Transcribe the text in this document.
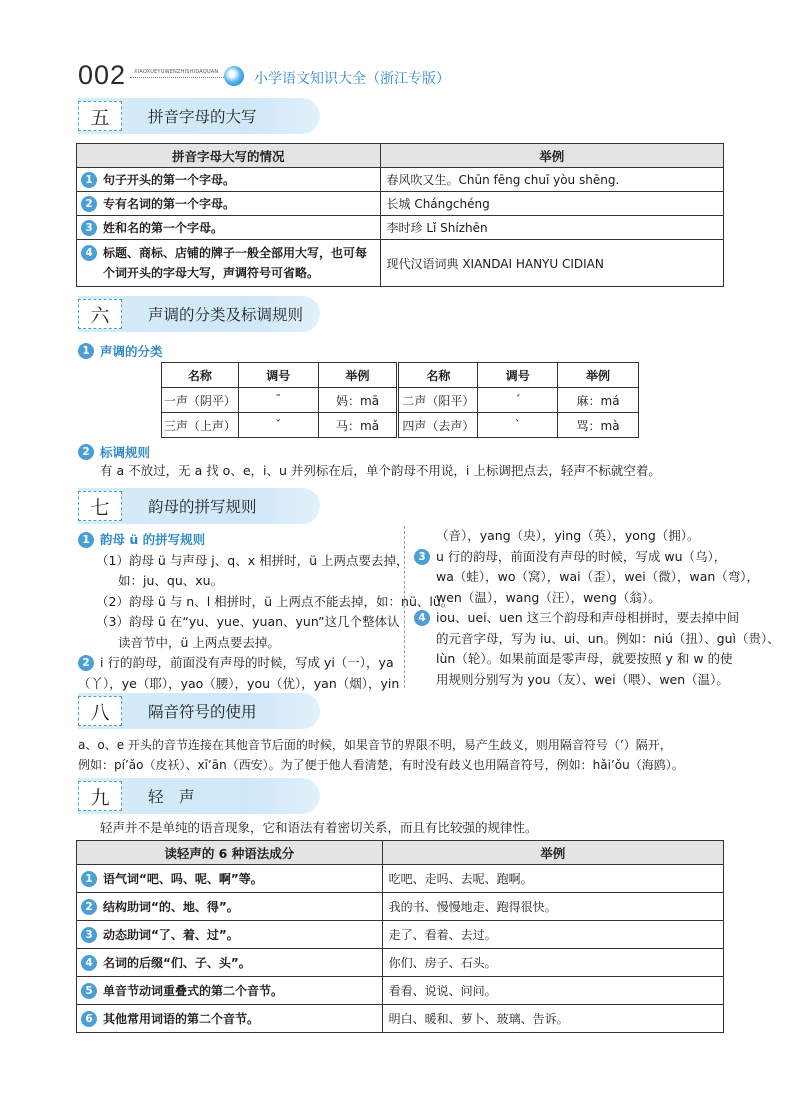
002 XIAOXUEYUWENZHISHIDAQUAN	小学语文知识大全（浙江专版）
五	拼音字母的大写
拼音字母大写的情况	举例

1 句子开头的第一个字母。	春风吹又生。Chūn fēng chuī yòu shēng.

2 专有名词的第一个字母。	长城 Chángchéng

3 姓和名的第一个字母。	李时珍 Lǐ Shízhēn

4 标题、商标、店铺的牌子一般全部用大写，也可每
个词开头的字母大写，声调符号可省略。	现代汉语词典 XIANDAI HANYU CIDIAN
六	声调的分类及标调规则
1 声调的分类
名称	调号	举例	名称	调号	举例
一声（阴平）	ˉ	妈：mā	二声（阳平）	ˊ	麻：má
三声（上声）	ˇ	马：mǎ	四声（去声）	ˋ	骂：mà
2 标调规则
有 a 不放过，无 a 找 o、e，i、u 并列标在后，单个韵母不用说，i 上标调把点去，轻声不标就空着。
七	韵母的拼写规则
1 韵母 ü 的拼写规则
（1）韵母 ü 与声母 j、q、x 相拼时，ü 上两点要去掉，
如：ju、qu、xu。
（2）韵母 ü 与 n、l 相拼时，ü 上两点不能去掉，如：nü、lü。
（3）韵母 ü 在“yu、yue、yuan、yun”这几个整体认
读音节中，ü 上两点要去掉。
2 i 行的韵母，前面没有声母的时候，写成 yi（一），ya
（丫），ye（耶），yao（腰），you（优），yan（烟），yin
（音），yang（央），ying（英），yong（拥）。
3 u 行的韵母，前面没有声母的时候，写成 wu（乌），
wa（蛙），wo（窝），wai（歪），wei（微），wan（弯），
wen（温），wang（汪），weng（翁）。
4 iou、uei、uen 这三个韵母和声母相拼时，要去掉中间
的元音字母，写为 iu、ui、un。例如：niú（扭）、guì（贵）、
lùn（轮）。如果前面是零声母，就要按照 y 和 w 的使
用规则分别写为 you（友）、wei（喂）、wen（温）。
八	隔音符号的使用
a、o、e 开头的音节连接在其他音节后面的时候，如果音节的界限不明，易产生歧义，则用隔音符号（’）隔开，
例如：pí’ǎo（皮袄）、xī’ān（西安）。为了便于他人看清楚，有时没有歧义也用隔音符号，例如：hǎi’ǒu（海鸥）。
九	轻　声
轻声并不是单纯的语音现象，它和语法有着密切关系，而且有比较强的规律性。
读轻声的 6 种语法成分	举例

1 语气词“吧、吗、呢、啊”等。	吃吧、走吗、去呢、跑啊。

2 结构助词“的、地、得”。	我的书、慢慢地走、跑得很快。

3 动态助词“了、着、过”。	走了、看着、去过。

4 名词的后缀“们、子、头”。	你们、房子、石头。

5 单音节动词重叠式的第二个音节。	看看、说说、问问。

6 其他常用词语的第二个音节。	明白、暖和、萝卜、玻璃、告诉。
